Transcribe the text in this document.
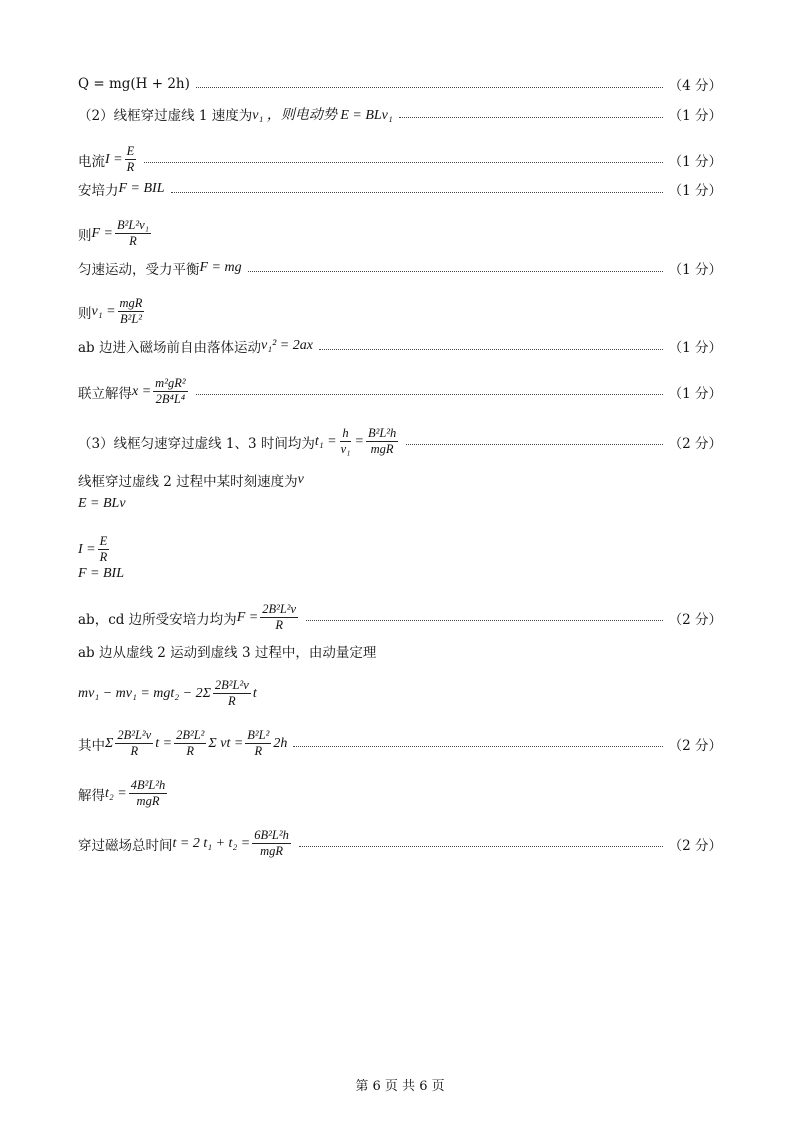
Q = mg(H + 2h)	（4 分）
（2）线框穿过虚线 1 速度为 v₁ ，则电动势 E = BLv₁	（1 分）
电流 $I = \frac{E}{R}$	（1 分）
安培力 F = BIL	（1 分）
则 $F = \frac{\text{B²L²v₁}}{R}$
匀速运动，受力平衡 F = mg	（1 分）
则 v₁ =
mgR
B²L²
ab 边进入磁场前自由落体运动 v₁² = 2ax	（1 分）
联立解得 $x = \frac{\text{m²gR²}}{\text{2B⁴L⁴}}$	（1 分）
（3）线框匀速穿过虚线 1、3 时间均为 $t_1 = \frac{h}{\text{v₁}}$ =
B²L²h
mgR	（2 分）
线框穿过虚线 2 过程中某时刻速度为 v
E = BLv
$I = \frac{E}{R}$
F = BIL
ab，cd 边所受安培力均为 $F = \frac{\text{2B²L²v}}{R}$	（2 分）
ab 边从虚线 2 运动到虚线 3 过程中，由动量定理
$mv_1 - mv_1 = mgt_2 - 2\Sigma \frac{\text{2B²L²v}}{R}$ t
其中 Σ $\frac{\text{2B²L²v}}{R}$ $t = \frac{\text{2B²L²}}{R}$ Σ vt = $\frac{\text{B²L²}}{R} 2h$	（2 分）
解得 t₂ =
4B²L²h
mgR
穿过磁场总时间 t = 2 t₁ + t₂ =
6B²L²h
mgR	（2 分）
第 6 页 共 6 页
